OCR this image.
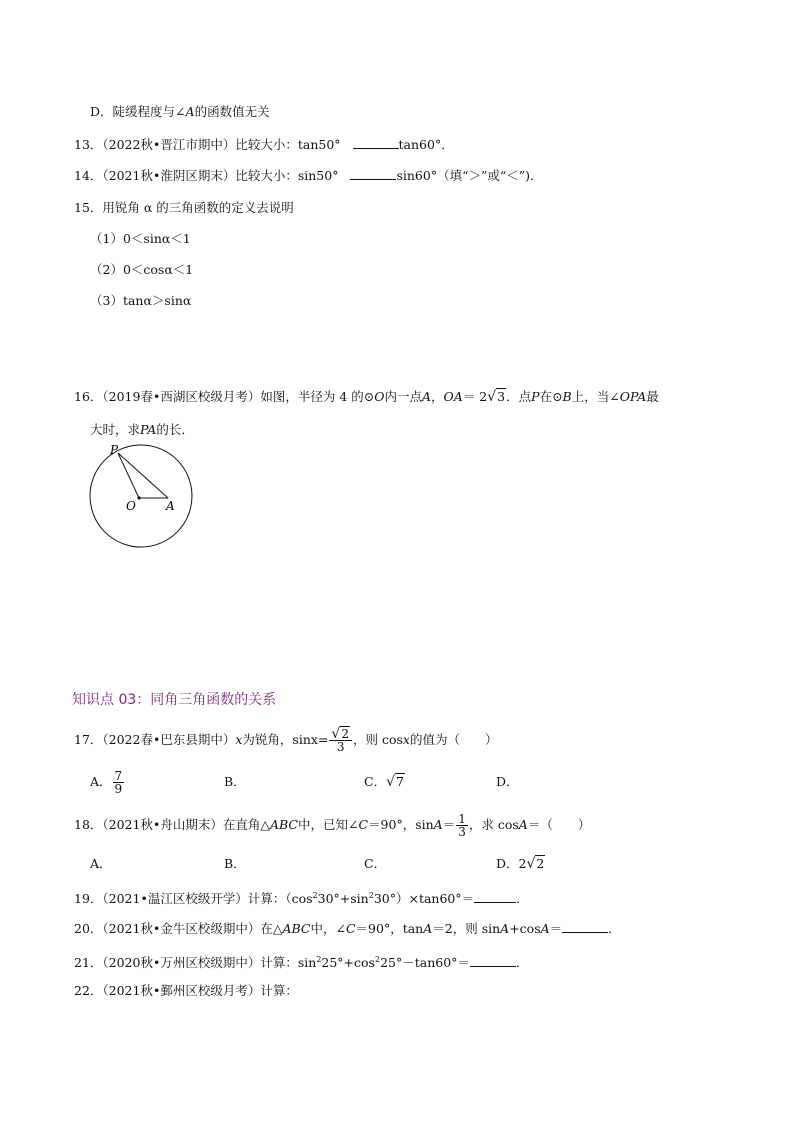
D．陡缓程度与∠A的函数值无关
13．（2022秋•晋江市期中）比较大小：tan50°	tan60°．
14．（2021秋•淮阴区期末）比较大小：sin50°	sin60°（填“＞”或“＜”)．
15．用锐角 α 的三角函数的定义去说明
（1）0＜sinα＜1
（2）0＜cosα＜1
（3）tanα＞sinα
16．（2019春•西湖区校级月考）如图，半径为 4 的⊙O内一点A，OA＝ 2√3．点P在⊙B上，当∠OPA最
大时，求PA的长．
P
O	A
知识点 03：同角三角函数的关系
17．（2022春•巴东县期中）x为锐角，$\sin x= \frac{√2}{3}$ ，则 cosx的值为（　　）
A． $\frac{7}{9}$	B．	C．√7	D．
18．（2021秋•舟山期末）在直角△ABC中，已知∠C＝90°，$\sin A= \frac{1}{3}$ ，求 cosA＝（　　）
A．	B．	C．	D．2√2
19．（2021•温江区校级开学）计算：$(\cos^230^\circ+\sin^230^\circ)\times\tan 60^\circ=$	．
20．（2021秋•金牛区校级期中）在△ABC中，∠C＝90°，tanA＝2，则 sinA+cosA＝	．
21．（2020秋•万州区校级期中）计算：$\sin^225^\circ+\cos^225^\circ-\tan 60^\circ=$	．
22．（2021秋•鄞州区校级月考）计算：
